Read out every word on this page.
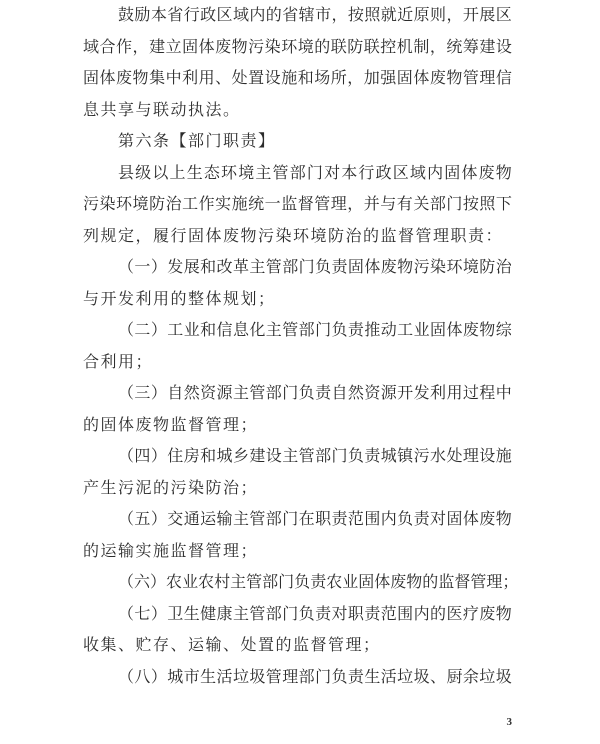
鼓 励 本 省 行 政 区 域 内 的 省 辖 市 ， 按 照 就 近 原 则 ， 开 展 区
域 合 作 ， 建 立 固 体 废 物 污 染 环 境 的 联 防 联 控 机 制 ， 统 筹 建 设
固 体 废 物 集 中 利 用 、 处 置 设 施 和 场 所 ， 加 强 固 体 废 物 管 理 信
息共享与联动执法。
第六条【部门职责】
县 级 以 上 生 态 环 境 主 管 部 门 对 本 行 政 区 域 内 固 体 废 物
污 染 环 境 防 治 工 作 实 施 统 一 监 督 管 理 ， 并 与 有 关 部 门 按 照 下
列规定，履行固体废物污染环境防治的监督管理职责：
（ 一 ） 发 展 和 改 革 主 管 部 门 负 责 固 体 废 物 污 染 环 境 防 治
与开发利用的整体规划；
（ 二 ） 工 业 和 信 息 化 主 管 部 门 负 责 推 动 工 业 固 体 废 物 综
合利用；
（ 三 ） 自 然 资 源 主 管 部 门 负 责 自 然 资 源 开 发 利 用 过 程 中
的固体废物监督管理；
（ 四 ） 住 房 和 城 乡 建 设 主 管 部 门 负 责 城 镇 污 水 处 理 设 施
产生污泥的污染防治；
（ 五 ） 交 通 运 输 主 管 部 门 在 职 责 范 围 内 负 责 对 固 体 废 物
的运输实施监督管理；
（ 六 ） 农 业 农 村 主 管 部 门 负 责 农 业 固 体 废 物 的 监 督 管 理 ；
（ 七 ） 卫 生 健 康 主 管 部 门 负 责 对 职 责 范 围 内 的 医 疗 废 物
收集、贮存、运输、处置的监督管理；
（ 八 ） 城 市 生 活 垃 圾 管 理 部 门 负 责 生 活 垃 圾 、 厨 余 垃 圾
3
